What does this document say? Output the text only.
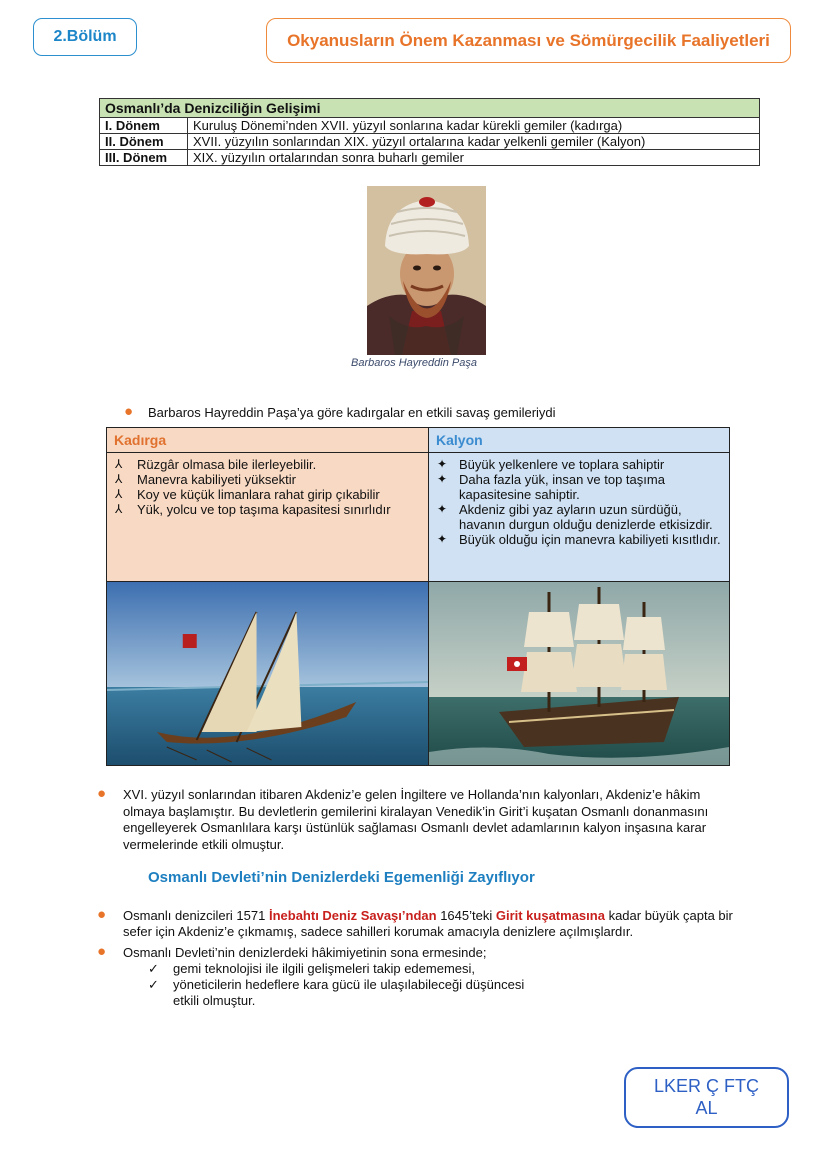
2.Bölüm	Okyanusların Önem Kazanması ve Sömürgecilik Faaliyetleri
Osmanlı’da Denizciliğin Gelişimi	
I. Dönem	Kuruluş Dönemi’nden XVII. yüzyıl sonlarına kadar kürekli gemiler (kadırga)
II. Dönem	XVII. yüzyılın sonlarından XIX. yüzyıl ortalarına kadar yelkenli gemiler (Kalyon)
III. Dönem	XIX. yüzyılın ortalarından sonra buharlı gemiler
Barbaros Hayreddin Paşa
● Barbaros Hayreddin Paşa’ya göre kadırgalar en etkili savaş gemileriydi
Kadırga	Kalyon
⅄	Rüzgâr olmasa bile ilerleyebilir.
⅄	Manevra kabiliyeti yüksektir
⅄	Koy ve küçük limanlara rahat girip çıkabilir
⅄	Yük, yolcu ve top taşıma kapasitesi sınırlıdır
✦ Büyük yelkenlere ve toplara sahiptir
✦ Daha fazla yük, insan ve top taşıma kapasitesine sahiptir.
✦ Akdeniz gibi yaz ayların uzun sürdüğü, havanın durgun olduğu denizlerde etkisizdir.
✦ Büyük olduğu için manevra kabiliyeti kısıtlıdır.
● XVI. yüzyıl sonlarından itibaren Akdeniz’e gelen İngiltere ve Hollanda’nın kalyonları, Akdeniz’e hâkim olmaya başlamıştır. Bu devletlerin gemilerini kiralayan Venedik’in Girit’i kuşatan Osmanlı donanmasını engelleyerek Osmanlılara karşı üstünlük sağlaması Osmanlı devlet adamlarının kalyon inşasına karar vermelerinde etkili olmuştur.
Osmanlı Devleti’nin Denizlerdeki Egemenliği Zayıflıyor
● Osmanlı denizcileri 1571 İnebahtı Deniz Savaşı’ndan 1645’teki Girit kuşatmasına kadar büyük çapta bir sefer için Akdeniz’e çıkmamış, sadece sahilleri korumak amacıyla denizlere açılmışlardır.
● Osmanlı Devleti’nin denizlerdeki hâkimiyetinin sona ermesinde;
✓	gemi teknolojisi ile ilgili gelişmeleri takip edememesi,
✓	yöneticilerin hedeflere kara gücü ile ulaşılabileceği düşüncesi
etkili olmuştur.
LKER Ç FTÇ
AL
